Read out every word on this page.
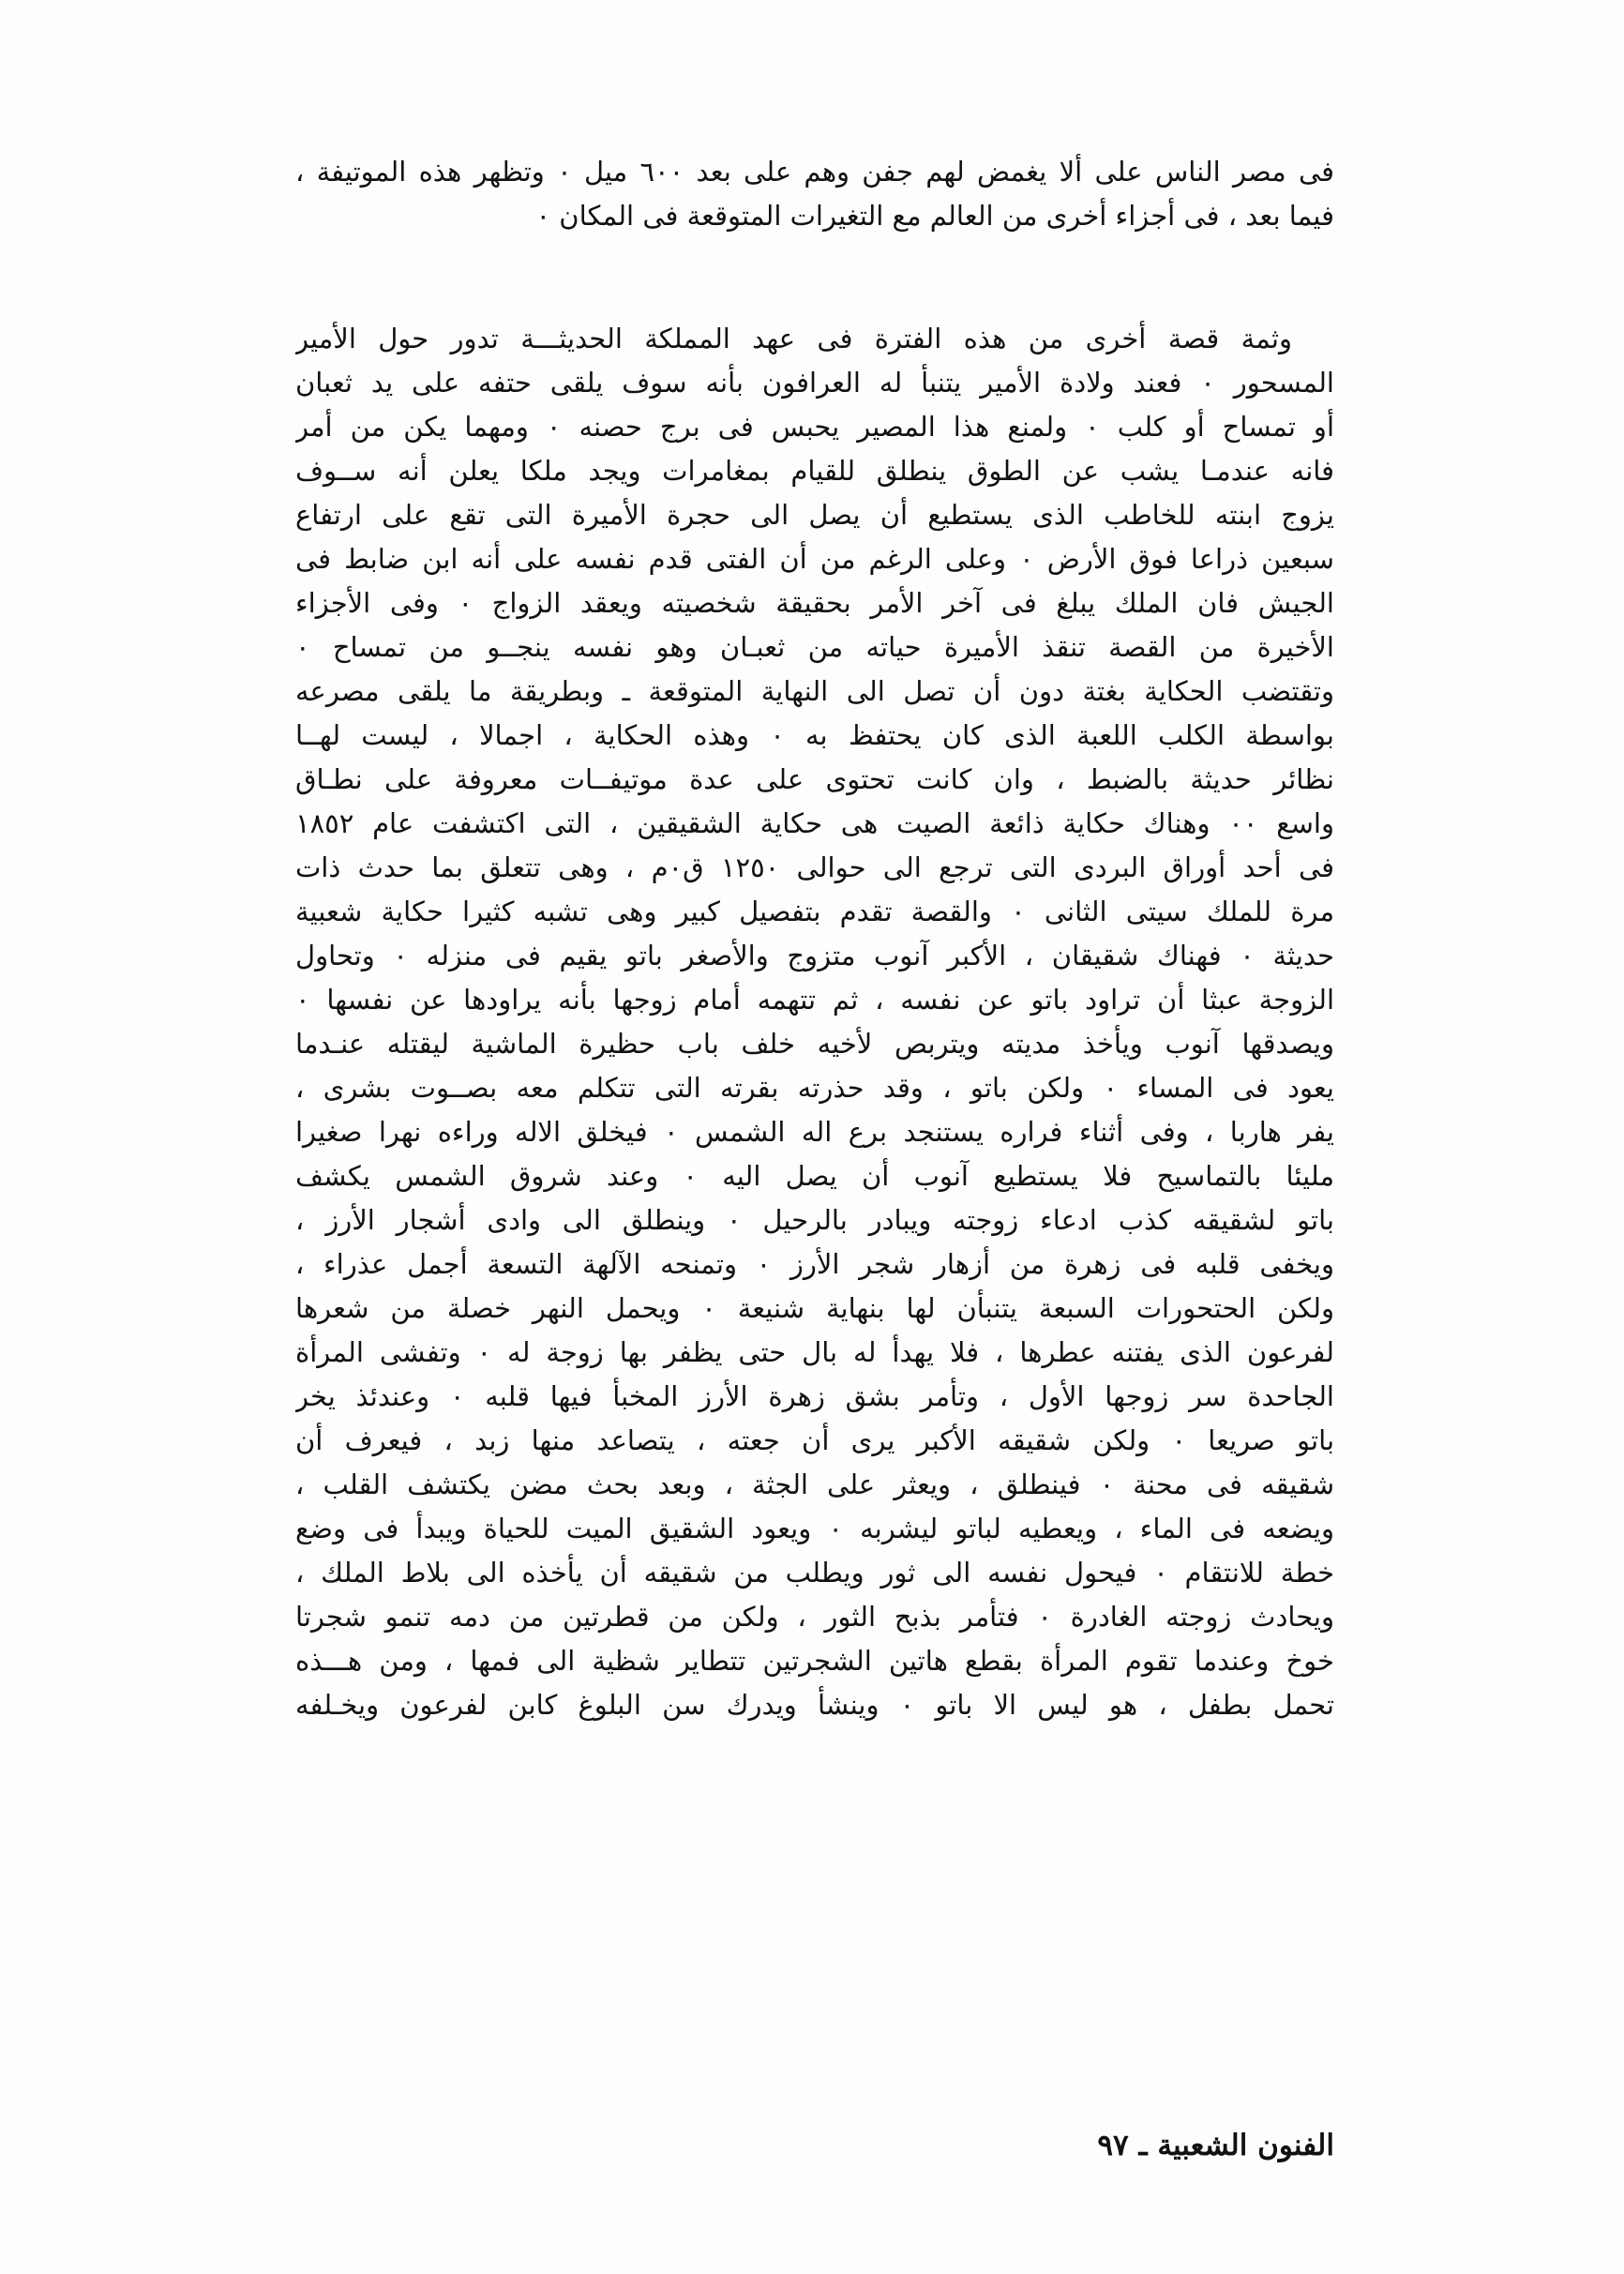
فى مصر الناس على ألا يغمض لهم جفن وهم على بعد ٦٠٠ ميل ٠ وتظهر هذه الموتيفة ،
فيما بعد ، فى أجزاء أخرى من العالم مع التغيرات المتوقعة فى المكان ٠
وثمة قصة أخرى من هذه الفترة فى عهد المملكة الحديثـــة تدور حول الأمير
المسحور ٠ فعند ولادة الأمير يتنبأ له العرافون بأنه سوف يلقى حتفه على يد ثعبان
أو تمساح أو كلب ٠ ولمنع هذا المصير يحبس فى برج حصنه ٠ ومهما يكن من أمر
فانه عندمـا يشب عن الطوق ينطلق للقيام بمغامرات ويجد ملكا يعلن أنه ســوف
يزوج ابنته للخاطب الذى يستطيع أن يصل الى حجرة الأميرة التى تقع على ارتفاع
سبعين ذراعا فوق الأرض ٠ وعلى الرغم من أن الفتى قدم نفسه على أنه ابن ضابط فى
الجيش فان الملك يبلغ فى آخر الأمر بحقيقة شخصيته ويعقد الزواج ٠ وفى الأجزاء
الأخيرة من القصة تنقذ الأميرة حياته من ثعبـان وهو نفسه ينجــو من تمساح ٠
وتقتضب الحكاية بغتة دون أن تصل الى النهاية المتوقعة ـ وبطريقة ما يلقى مصرعه
بواسطة الكلب اللعبة الذى كان يحتفظ به ٠ وهذه الحكاية ، اجمالا ، ليست لهــا
نظائر حديثة بالضبط ، وان كانت تحتوى على عدة موتيفــات معروفة على نطـاق
واسع ٠٠ وهناك حكاية ذائعة الصيت هى حكاية الشقيقين ، التى اكتشفت عام ١٨٥٢
فى أحد أوراق البردى التى ترجع الى حوالى ١٢٥٠ ق٠م ، وهى تتعلق بما حدث ذات
مرة للملك سيتى الثانى ٠ والقصة تقدم بتفصيل كبير وهى تشبه كثيرا حكاية شعبية
حديثة ٠ فهناك شقيقان ، الأكبر آنوب متزوج والأصغر باتو يقيم فى منزله ٠ وتحاول
الزوجة عبثا أن تراود باتو عن نفسه ، ثم تتهمه أمام زوجها بأنه يراودها عن نفسها ٠
ويصدقها آنوب ويأخذ مديته ويتربص لأخيه خلف باب حظيرة الماشية ليقتله عنـدما
يعود فى المساء ٠ ولكن باتو ، وقد حذرته بقرته التى تتكلم معه بصــوت بشرى ،
يفر هاربا ، وفى أثناء فراره يستنجد برع اله الشمس ٠ فيخلق الاله وراءه نهرا صغيرا
مليئا بالتماسيح فلا يستطيع آنوب أن يصل اليه ٠ وعند شروق الشمس يكشف
باتو لشقيقه كذب ادعاء زوجته ويبادر بالرحيل ٠ وينطلق الى وادى أشجار الأرز ،
ويخفى قلبه فى زهرة من أزهار شجر الأرز ٠ وتمنحه الآلهة التسعة أجمل عذراء ،
ولكن الحتحورات السبعة يتنبأن لها بنهاية شنيعة ٠ ويحمل النهر خصلة من شعرها
لفرعون الذى يفتنه عطرها ، فلا يهدأ له بال حتى يظفر بها زوجة له ٠ وتفشى المرأة
الجاحدة سر زوجها الأول ، وتأمر بشق زهرة الأرز المخبأ فيها قلبه ٠ وعندئذ يخر
باتو صريعا ٠ ولكن شقيقه الأكبر يرى أن جعته ، يتصاعد منها زبد ، فيعرف أن
شقيقه فى محنة ٠ فينطلق ، ويعثر على الجثة ، وبعد بحث مضن يكتشف القلب ،
ويضعه فى الماء ، ويعطيه لباتو ليشربه ٠ ويعود الشقيق الميت للحياة ويبدأ فى وضع
خطة للانتقام ٠ فيحول نفسه الى ثور ويطلب من شقيقه أن يأخذه الى بلاط الملك ،
ويحادث زوجته الغادرة ٠ فتأمر بذبح الثور ، ولكن من قطرتين من دمه تنمو شجرتا
خوخ وعندما تقوم المرأة بقطع هاتين الشجرتين تتطاير شظية الى فمها ، ومن هـــذه
تحمل بطفل ، هو ليس الا باتو ٠ وينشأ ويدرك سن البلوغ كابن لفرعون ويخـلفه
الفنون الشعبية ـ ٩٧
